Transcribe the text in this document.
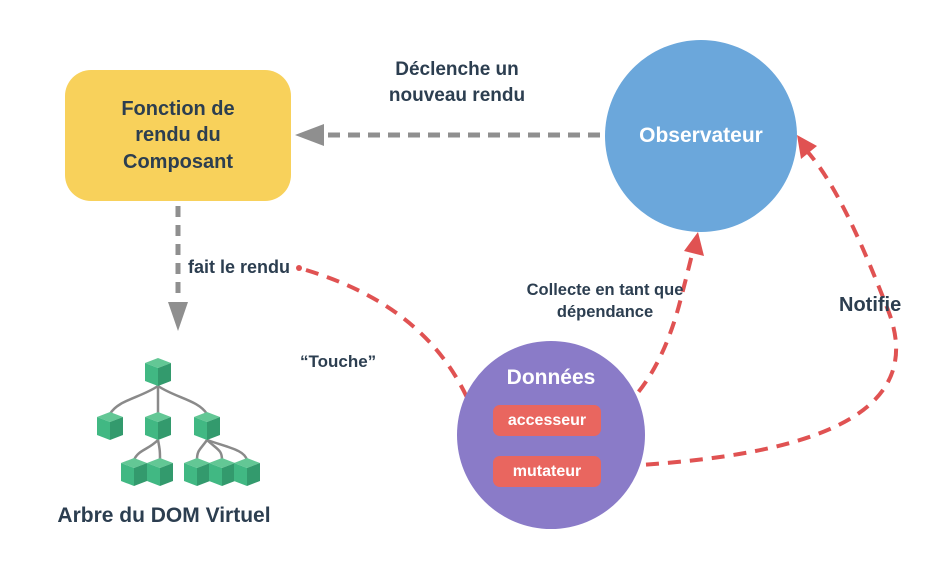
Fonction de rendu du Composant
Déclenche un nouveau rendu
Observateur
fait le rendu
“Touche”
Collecte en tant que dépendance	Notifie
Données
accesseur
mutateur
Arbre du DOM Virtuel
